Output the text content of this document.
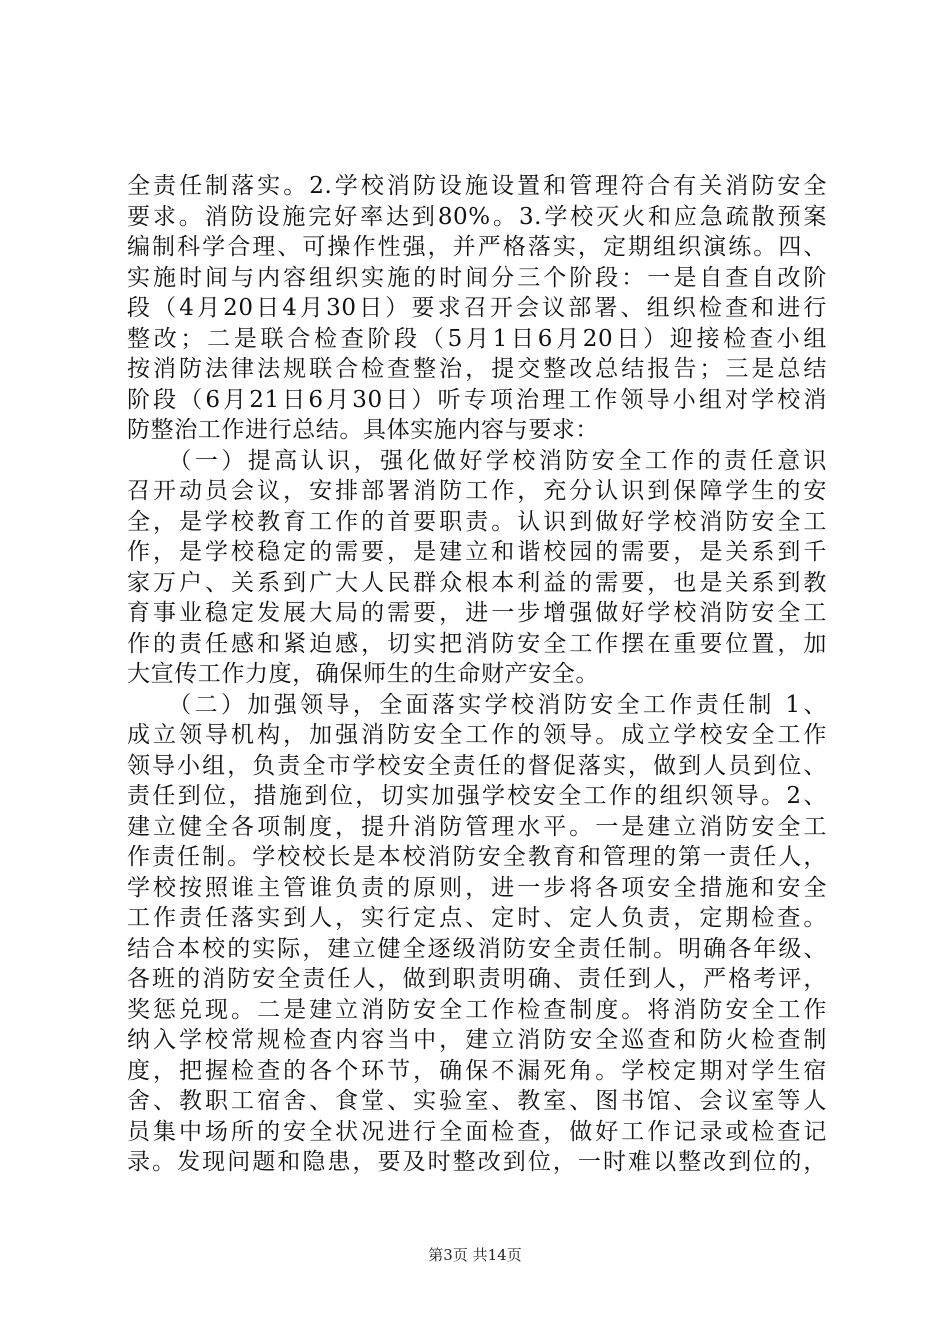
全责任制落实。2.学校消防设施设置和管理符合有关消防安全
要求。消防设施完好率达到80%。3.学校灭火和应急疏散预案
编制科学合理、可操作性强，并严格落实，定期组织演练。四、
实施时间与内容组织实施的时间分三个阶段：一是自查自改阶
段（4月20日4月30日）要求召开会议部署、组织检查和进行
整改；二是联合检查阶段（5月1日6月20日）迎接检查小组
按消防法律法规联合检查整治，提交整改总结报告；三是总结
阶段（6月21日6月30日）听专项治理工作领导小组对学校消
防整治工作进行总结。具体实施内容与要求：
　　（一）提高认识，强化做好学校消防安全工作的责任意识
召开动员会议，安排部署消防工作，充分认识到保障学生的安
全，是学校教育工作的首要职责。认识到做好学校消防安全工
作，是学校稳定的需要，是建立和谐校园的需要，是关系到千
家万户、关系到广大人民群众根本利益的需要，也是关系到教
育事业稳定发展大局的需要，进一步增强做好学校消防安全工
作的责任感和紧迫感，切实把消防安全工作摆在重要位置，加
大宣传工作力度，确保师生的生命财产安全。
　　（二）加强领导，全面落实学校消防安全工作责任制 1、
成立领导机构，加强消防安全工作的领导。成立学校安全工作
领导小组，负责全市学校安全责任的督促落实，做到人员到位、
责任到位，措施到位，切实加强学校安全工作的组织领导。2、
建立健全各项制度，提升消防管理水平。一是建立消防安全工
作责任制。学校校长是本校消防安全教育和管理的第一责任人，
学校按照谁主管谁负责的原则，进一步将各项安全措施和安全
工作责任落实到人，实行定点、定时、定人负责，定期检查。
结合本校的实际，建立健全逐级消防安全责任制。明确各年级、
各班的消防安全责任人，做到职责明确、责任到人，严格考评，
奖惩兑现。二是建立消防安全工作检查制度。将消防安全工作
纳入学校常规检查内容当中，建立消防安全巡查和防火检查制
度，把握检查的各个环节，确保不漏死角。学校定期对学生宿
舍、教职工宿舍、食堂、实验室、教室、图书馆、会议室等人
员集中场所的安全状况进行全面检查，做好工作记录或检查记
录。发现问题和隐患，要及时整改到位，一时难以整改到位的，
第3页 共14页
